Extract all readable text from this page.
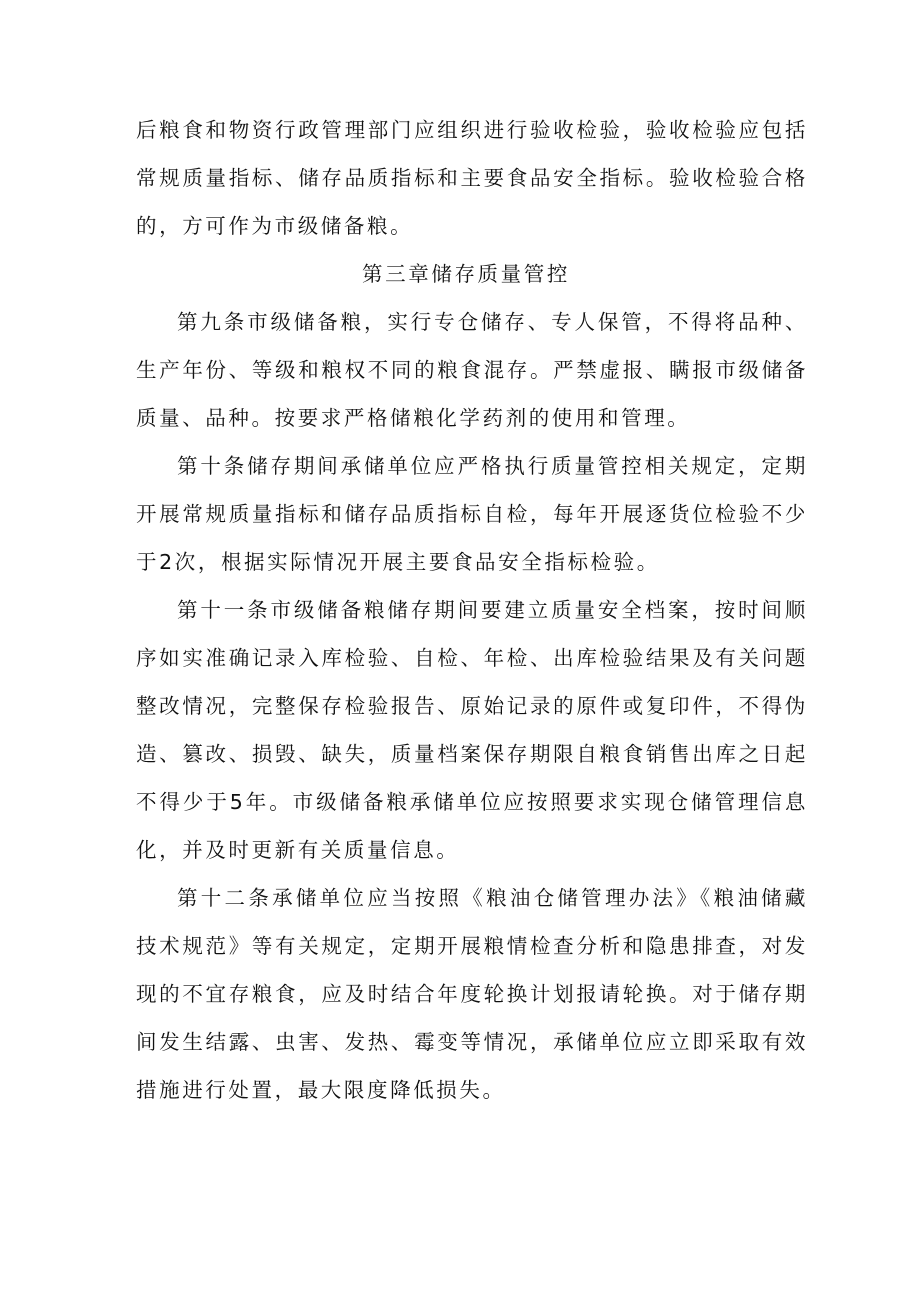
后粮食和物资行政管理部门应组织进行验收检验，验收检验应包括常规质量指标、储存品质指标和主要食品安全指标。验收检验合格的，方可作为市级储备粮。

第三章储存质量管控

第九条市级储备粮，实行专仓储存、专人保管，不得将品种、生产年份、等级和粮权不同的粮食混存。严禁虚报、瞒报市级储备质量、品种。按要求严格储粮化学药剂的使用和管理。

第十条储存期间承储单位应严格执行质量管控相关规定，定期开展常规质量指标和储存品质指标自检，每年开展逐货位检验不少于2次，根据实际情况开展主要食品安全指标检验。

第十一条市级储备粮储存期间要建立质量安全档案，按时间顺序如实准确记录入库检验、自检、年检、出库检验结果及有关问题整改情况，完整保存检验报告、原始记录的原件或复印件，不得伪造、篡改、损毁、缺失，质量档案保存期限自粮食销售出库之日起不得少于5年。市级储备粮承储单位应按照要求实现仓储管理信息化，并及时更新有关质量信息。

第十二条承储单位应当按照《粮油仓储管理办法》《粮油储藏技术规范》等有关规定，定期开展粮情检查分析和隐患排查，对发现的不宜存粮食，应及时结合年度轮换计划报请轮换。对于储存期间发生结露、虫害、发热、霉变等情况，承储单位应立即采取有效措施进行处置，最大限度降低损失。
